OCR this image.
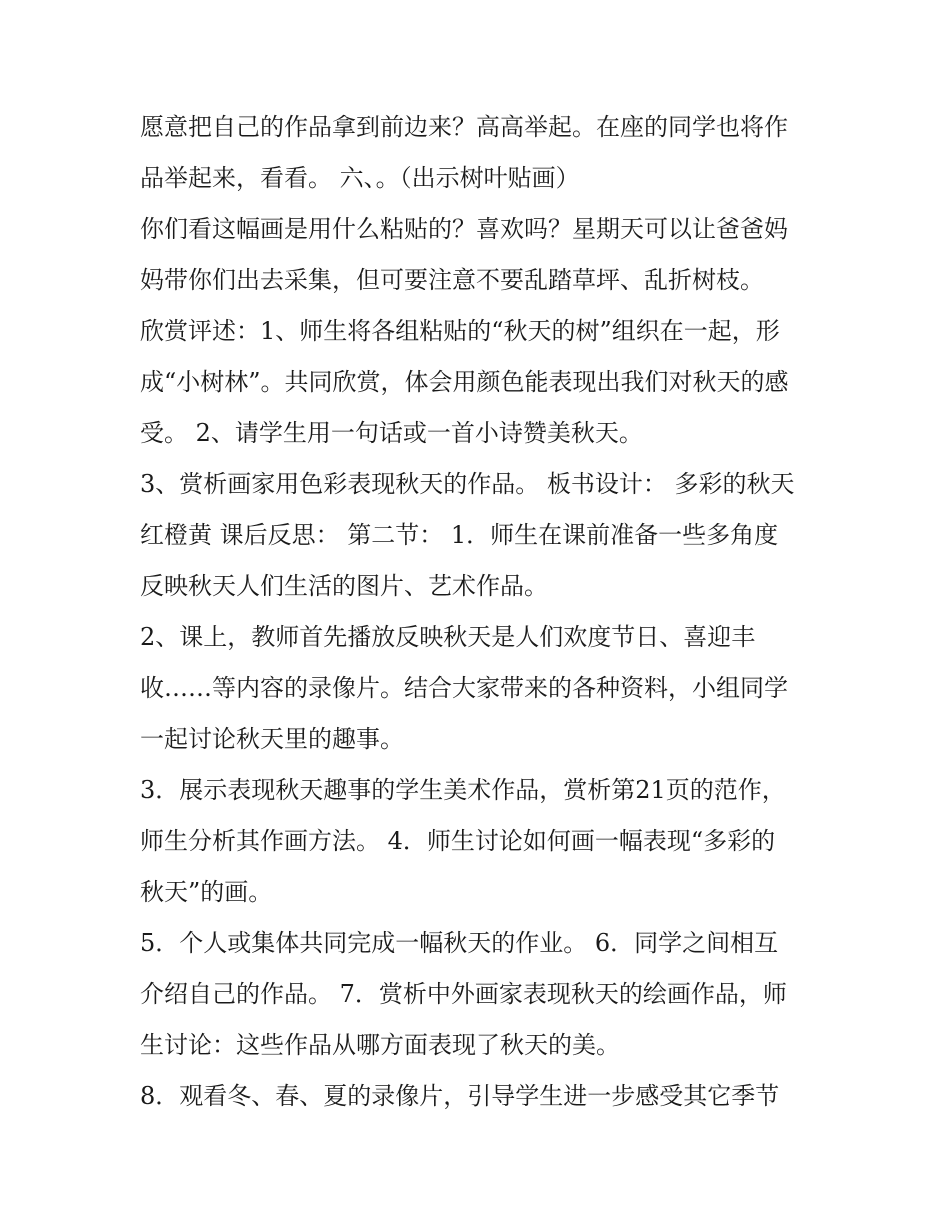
愿意把自己的作品拿到前边来？高高举起。在座的同学也将作
品举起来，看看。 六、。（出示树叶贴画）
你们看这幅画是用什么粘贴的？喜欢吗？星期天可以让爸爸妈
妈带你们出去采集，但可要注意不要乱踏草坪、乱折树枝。
欣赏评述：1、师生将各组粘贴的“秋天的树”组织在一起，形
成“小树林”。共同欣赏，体会用颜色能表现出我们对秋天的感
受。 2、请学生用一句话或一首小诗赞美秋天。
3、赏析画家用色彩表现秋天的作品。 板书设计： 多彩的秋天
红橙黄 课后反思： 第二节： 1．师生在课前准备一些多角度
反映秋天人们生活的图片、艺术作品。
2、课上，教师首先播放反映秋天是人们欢度节日、喜迎丰
收……等内容的录像片。结合大家带来的各种资料，小组同学
一起讨论秋天里的趣事。
3．展示表现秋天趣事的学生美术作品，赏析第21页的范作，
师生分析其作画方法。 4．师生讨论如何画一幅表现“多彩的
秋天”的画。
5．个人或集体共同完成一幅秋天的作业。 6．同学之间相互
介绍自己的作品。 7．赏析中外画家表现秋天的绘画作品，师
生讨论：这些作品从哪方面表现了秋天的美。
8．观看冬、春、夏的录像片，引导学生进一步感受其它季节
